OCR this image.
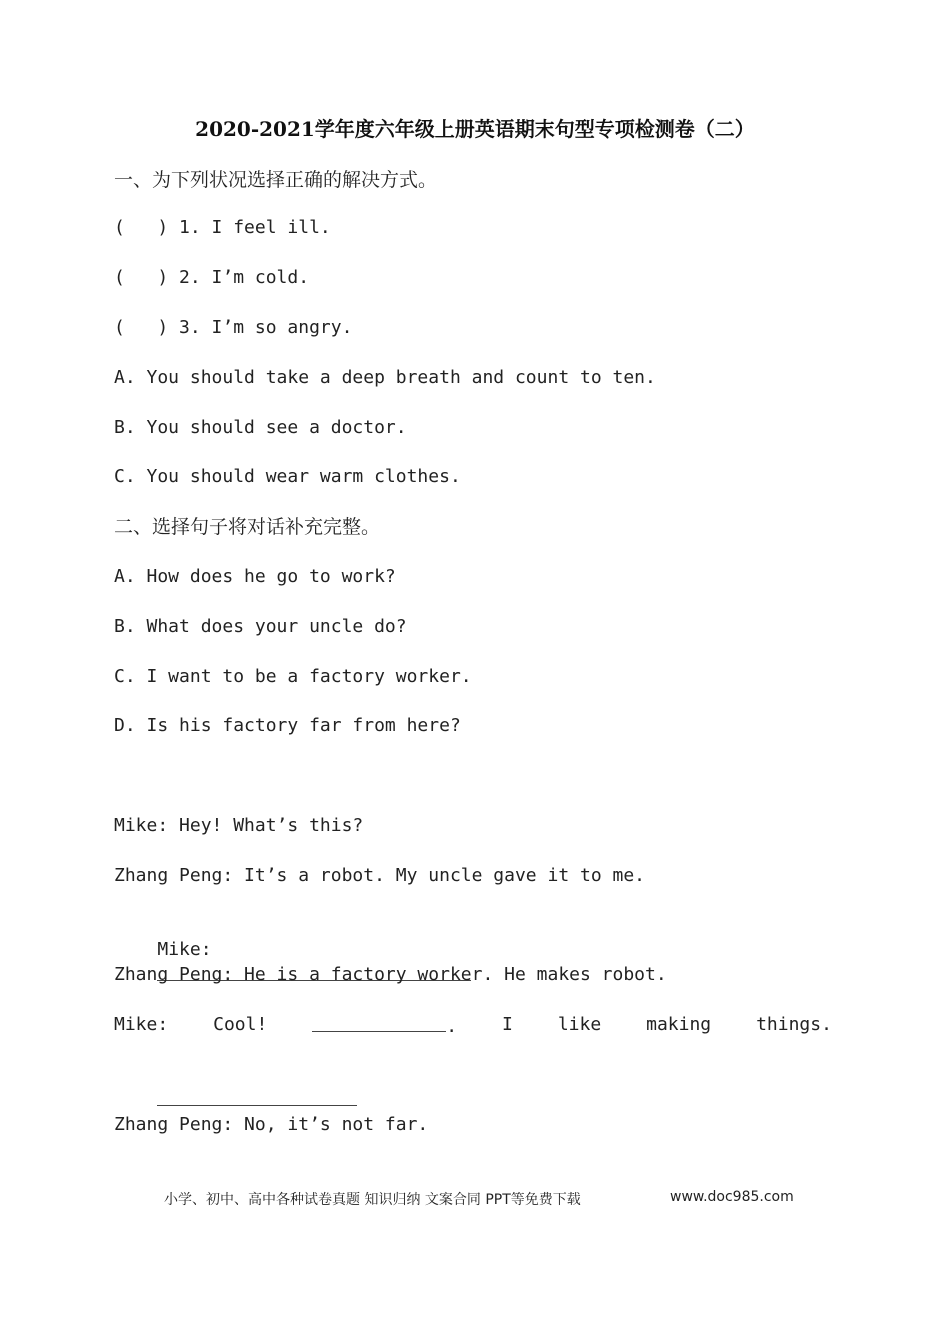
2020-2021学年度六年级上册英语期末句型专项检测卷（二）
一、为下列状况选择正确的解决方式。
(   ) 1. I feel ill.
(   ) 2. I’m cold.
(   ) 3. I’m so angry.
A. You should take a deep breath and count to ten.
B. You should see a doctor.
C. You should wear warm clothes.
二、选择句子将对话补充完整。
A. How does he go to work?
B. What does your uncle do?
C. I want to be a factory worker.
D. Is his factory far from here?
Mike: Hey! What’s this?
Zhang Peng: It’s a robot. My uncle gave it to me.

Mike:

Zhang Peng: He is a factory worker. He makes robot.
Mike: Cool!	. I like making things.

Zhang Peng: No, it’s not far.
小学、初中、高中各种试卷真题 知识归纳 文案合同 PPT等免费下载	www.doc985.com
